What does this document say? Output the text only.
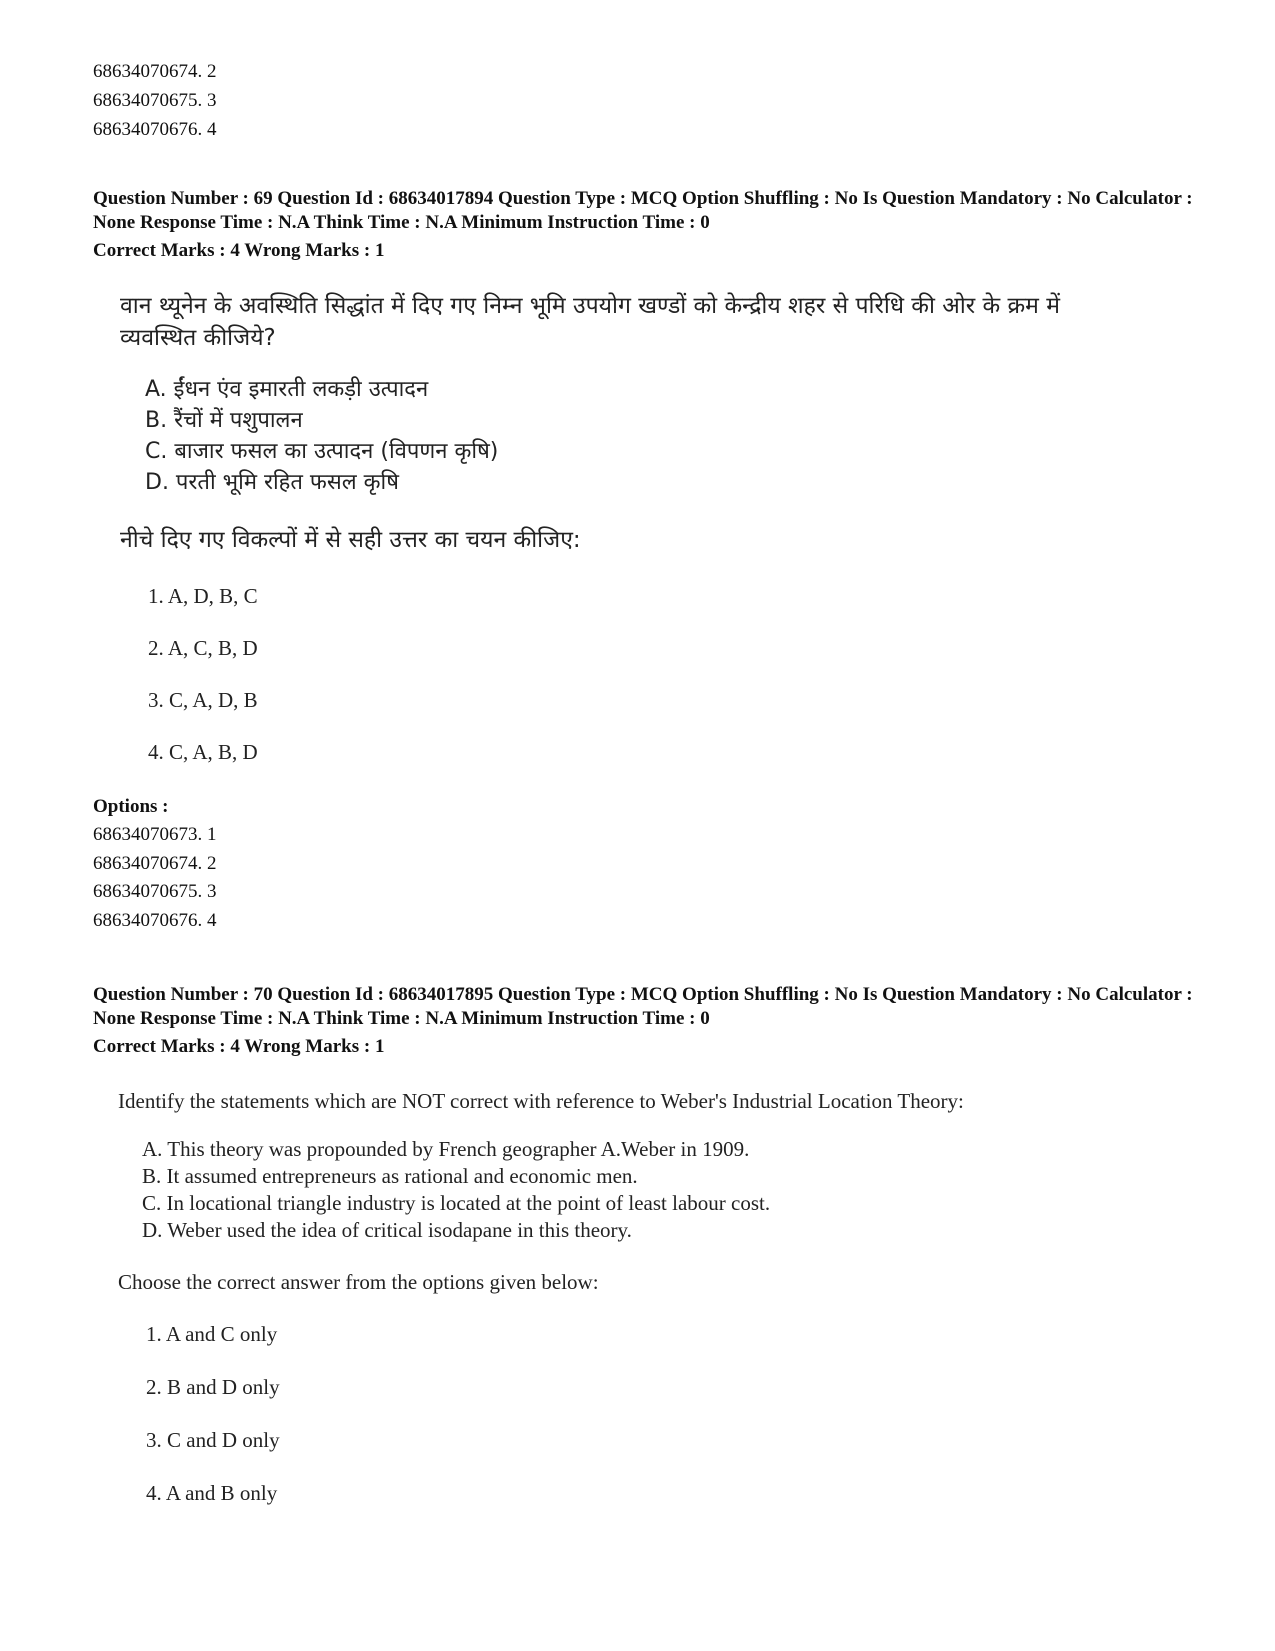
68634070674. 2
68634070675. 3
68634070676. 4
Question Number : 69 Question Id : 68634017894 Question Type : MCQ Option Shuffling : No Is Question Mandatory : No Calculator : None Response Time : N.A Think Time : N.A Minimum Instruction Time : 0
Correct Marks : 4 Wrong Marks : 1
वान थ्यूनेन के अवस्थिति सिद्धांत में दिए गए निम्न भूमि उपयोग खण्डों को केन्द्रीय शहर से परिधि की ओर के क्रम में
व्यवस्थित कीजिये?
A. ईंधन एंव इमारती लकड़ी उत्पादन
B. रैंचों में पशुपालन
C. बाजार फसल का उत्पादन (विपणन कृषि)
D. परती भूमि रहित फसल कृषि
नीचे दिए गए विकल्पों में से सही उत्तर का चयन कीजिए:
1. A, D, B, C
2. A, C, B, D
3. C, A, D, B
4. C, A, B, D
Options :
68634070673. 1
68634070674. 2
68634070675. 3
68634070676. 4
Question Number : 70 Question Id : 68634017895 Question Type : MCQ Option Shuffling : No Is Question Mandatory : No Calculator : None Response Time : N.A Think Time : N.A Minimum Instruction Time : 0
Correct Marks : 4 Wrong Marks : 1
Identify the statements which are NOT correct with reference to Weber's Industrial Location Theory:
A. This theory was propounded by French geographer A.Weber in 1909.
B. It assumed entrepreneurs as rational and economic men.
C. In locational triangle industry is located at the point of least labour cost.
D. Weber used the idea of critical isodapane in this theory.
Choose the correct answer from the options given below:
1. A and C only
2. B and D only
3. C and D only
4. A and B only
